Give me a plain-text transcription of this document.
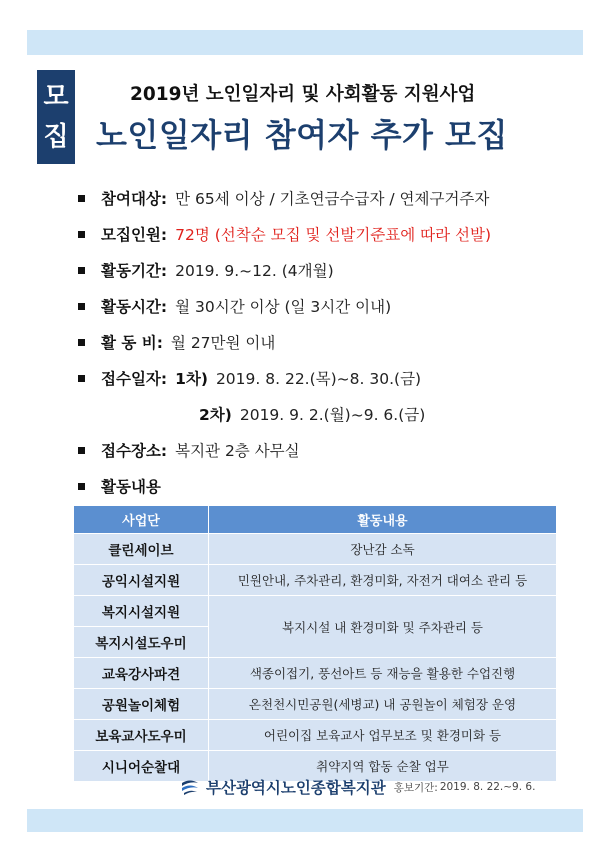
모
집
2019년 노인일자리 및 사회활동 지원사업
노인일자리 참여자 추가 모집
참여대상: 만 65세 이상 / 기초연금수급자 / 연제구거주자
모집인원: 72명 (선착순 모집 및 선발기준표에 따라 선발)
활동기간: 2019. 9.~12. (4개월)
활동시간: 월 30시간 이상 (일 3시간 이내)
활 동 비: 월 27만원 이내
접수일자: 1차) 2019. 8. 22.(목)~8. 30.(금)
2차) 2019. 9. 2.(월)~9. 6.(금)
접수장소: 복지관 2층 사무실
활동내용
사업단	활동내용
클린세이브	장난감 소독
공익시설지원	민원안내, 주차관리, 환경미화, 자전거 대여소 관리 등
복지시설지원	복지시설 내 환경미화 및 주차관리 등
복지시설도우미	
교육강사파견	색종이접기, 풍선아트 등 재능을 활용한 수업진행
공원놀이체험	온천천시민공원(세병교) 내 공원놀이 체험장 운영
보육교사도우미	어린이집 보육교사 업무보조 및 환경미화 등
시니어순찰대	취약지역 합동 순찰 업무
부산광역시노인종합복지관 홍보기간: 2019. 8. 22.~9. 6.
